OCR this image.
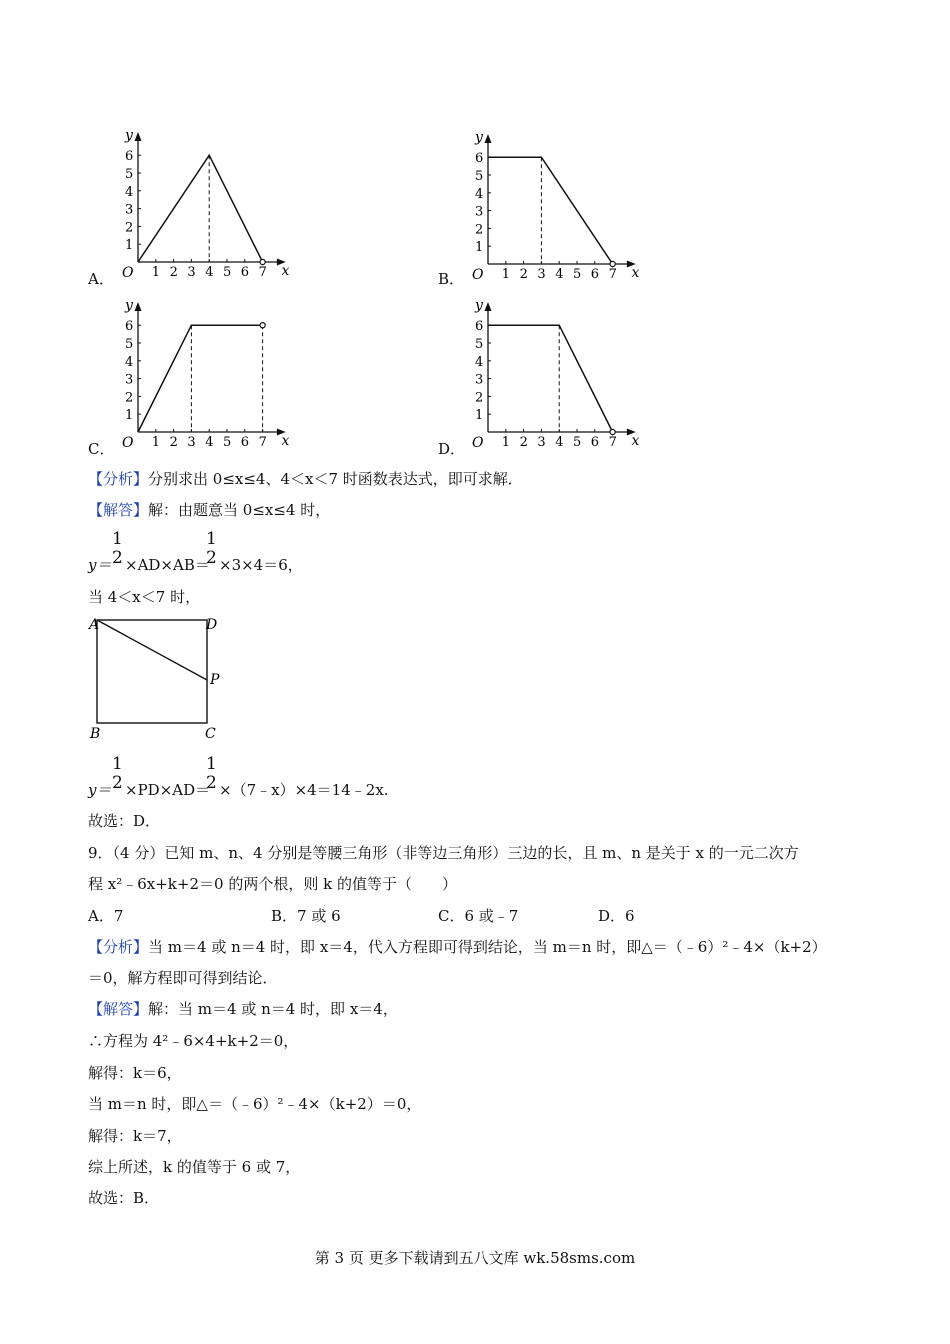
A．	B．
C．	D．
1 2 3 4 5 6 7
1
2
3
4
5
6
O
y
x	1 2 3 4 5 6 7
1
2
3
4
5
6
O
y
x
1 2 3 4 5 6 7
1
2
3
4
5
6
O
y
x	1 2 3 4 5 6 7
1
2
3
4
5
6
O
y
x
【分析】分别求出 0≤x≤4、4＜x＜7 时函数表达式，即可求解．
【解答】解：由题意当 0≤x≤4 时，
1
2
1
2
y＝ ×AD×AB＝ ×3×4＝6，
当 4＜x＜7 时，
A	D
P
B	C
1
2
1
2
y＝ ×PD×AD＝ ×（7﹣x）×4＝14﹣2x.
故选：D．
9．（4 分）已知 m、n、4 分别是等腰三角形（非等边三角形）三边的长，且 m、n 是关于 x 的一元二次方
程 x²﹣6x+k+2＝0 的两个根，则 k 的值等于（　　）
A．7	B．7 或 6	C．6 或﹣7	D．6
【分析】当 m＝4 或 n＝4 时，即 x＝4，代入方程即可得到结论，当 m＝n 时，即△＝（﹣6）²﹣4×（k+2）
＝0，解方程即可得到结论．
【解答】解：当 m＝4 或 n＝4 时，即 x＝4，
∴方程为 4²﹣6×4+k+2＝0，
解得：k＝6，
当 m＝n 时，即△＝（﹣6）²﹣4×（k+2）＝0，
解得：k＝7，
综上所述，k 的值等于 6 或 7，
故选：B．
第 3 页 更多下载请到五八文库 wk.58sms.com
